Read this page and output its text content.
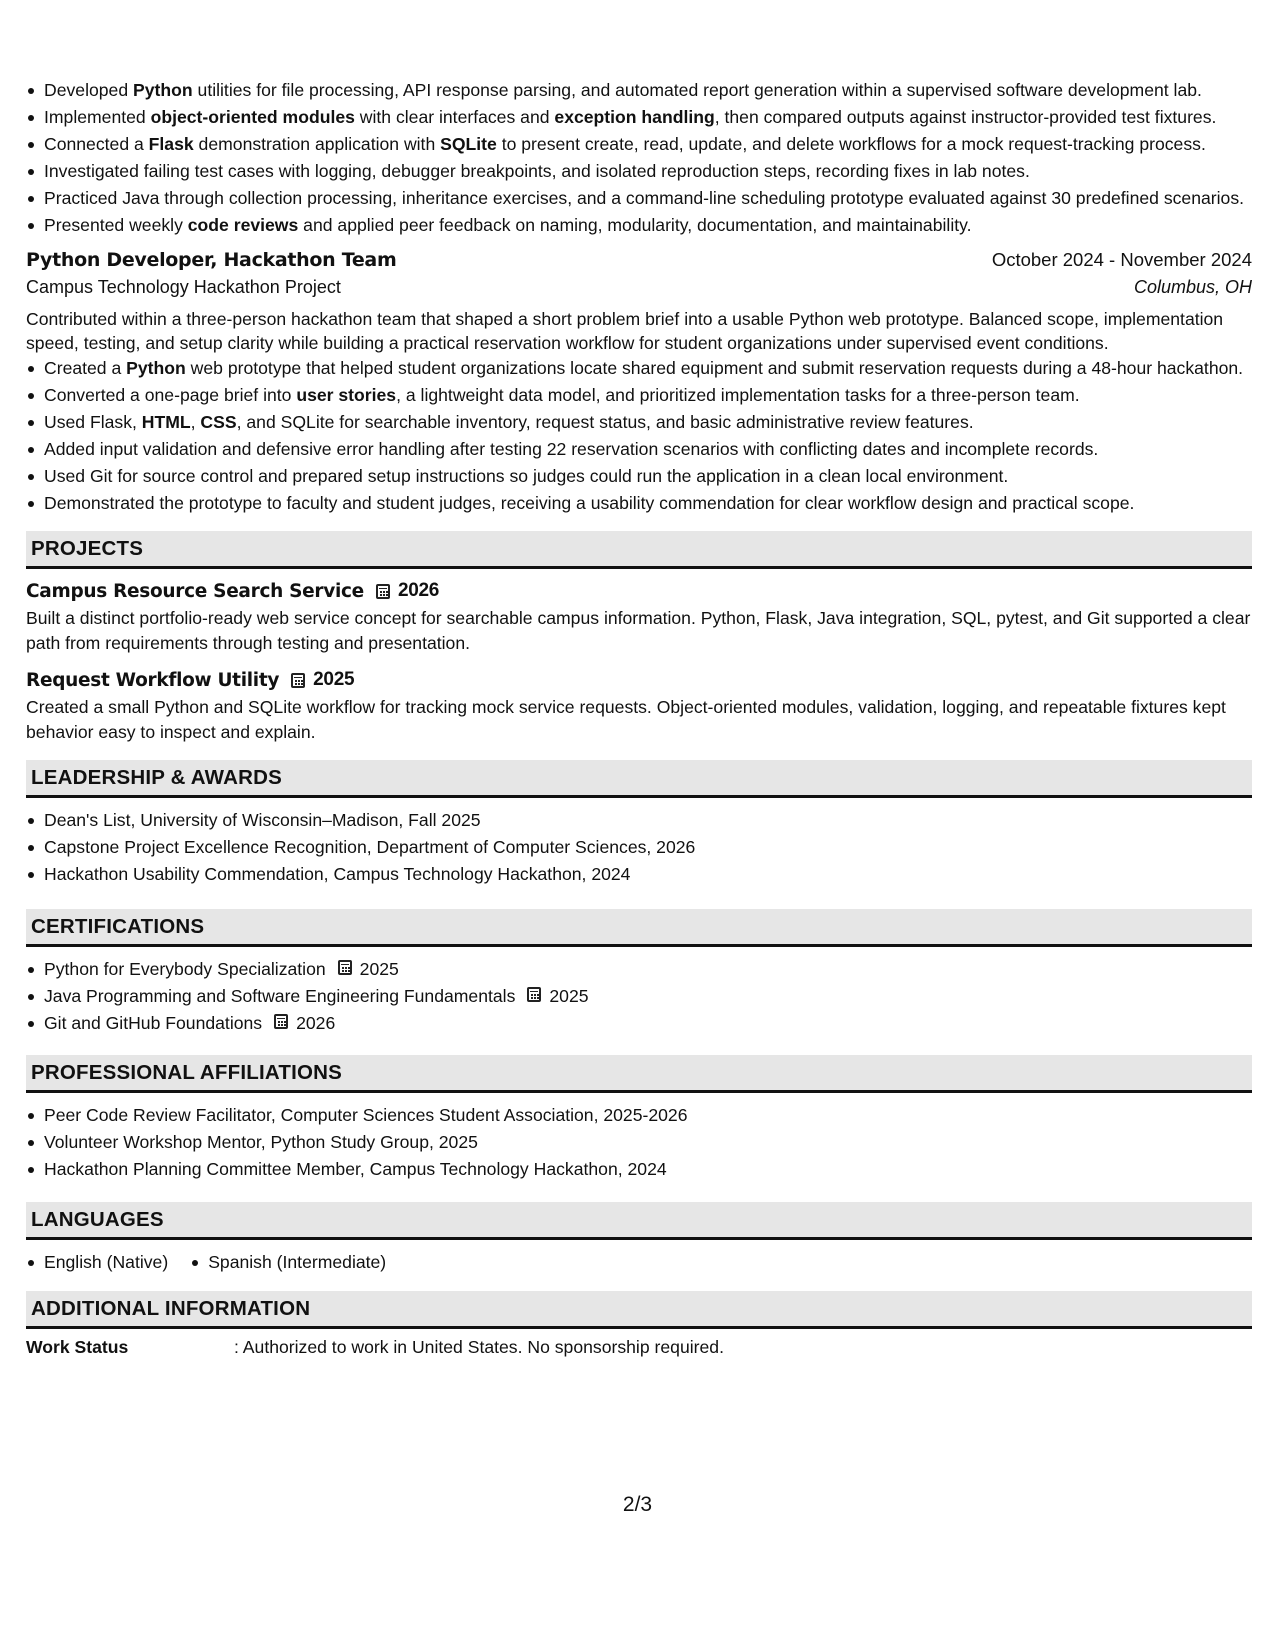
Developed Python utilities for file processing, API response parsing, and automated report generation within a supervised software development lab.
Implemented object-oriented modules with clear interfaces and exception handling, then compared outputs against instructor-provided test fixtures.
Connected a Flask demonstration application with SQLite to present create, read, update, and delete workflows for a mock request-tracking process.
Investigated failing test cases with logging, debugger breakpoints, and isolated reproduction steps, recording fixes in lab notes.
Practiced Java through collection processing, inheritance exercises, and a command-line scheduling prototype evaluated against 30 predefined scenarios.
Presented weekly code reviews and applied peer feedback on naming, modularity, documentation, and maintainability.
Python Developer, Hackathon Team	October 2024 - November 2024
Campus Technology Hackathon Project	Columbus, OH
Contributed within a three-person hackathon team that shaped a short problem brief into a usable Python web prototype. Balanced scope, implementation speed, testing, and setup clarity while building a practical reservation workflow for student organizations under supervised event conditions.
Created a Python web prototype that helped student organizations locate shared equipment and submit reservation requests during a 48-hour hackathon.
Converted a one-page brief into user stories, a lightweight data model, and prioritized implementation tasks for a three-person team.
Used Flask, HTML, CSS, and SQLite for searchable inventory, request status, and basic administrative review features.
Added input validation and defensive error handling after testing 22 reservation scenarios with conflicting dates and incomplete records.
Used Git for source control and prepared setup instructions so judges could run the application in a clean local environment.
Demonstrated the prototype to faculty and student judges, receiving a usability commendation for clear workflow design and practical scope.
PROJECTS
Campus Resource Search Service 2026
Built a distinct portfolio-ready web service concept for searchable campus information. Python, Flask, Java integration, SQL, pytest, and Git supported a clear path from requirements through testing and presentation.
Request Workflow Utility 2025
Created a small Python and SQLite workflow for tracking mock service requests. Object-oriented modules, validation, logging, and repeatable fixtures kept behavior easy to inspect and explain.
LEADERSHIP & AWARDS
Dean's List, University of Wisconsin–Madison, Fall 2025
Capstone Project Excellence Recognition, Department of Computer Sciences, 2026
Hackathon Usability Commendation, Campus Technology Hackathon, 2024
CERTIFICATIONS
Python for Everybody Specialization 2025
Java Programming and Software Engineering Fundamentals 2025
Git and GitHub Foundations 2026
PROFESSIONAL AFFILIATIONS
Peer Code Review Facilitator, Computer Sciences Student Association, 2025-2026
Volunteer Workshop Mentor, Python Study Group, 2025
Hackathon Planning Committee Member, Campus Technology Hackathon, 2024
LANGUAGES
English (Native)	Spanish (Intermediate)
ADDITIONAL INFORMATION
Work Status	: Authorized to work in United States. No sponsorship required.
2/3
